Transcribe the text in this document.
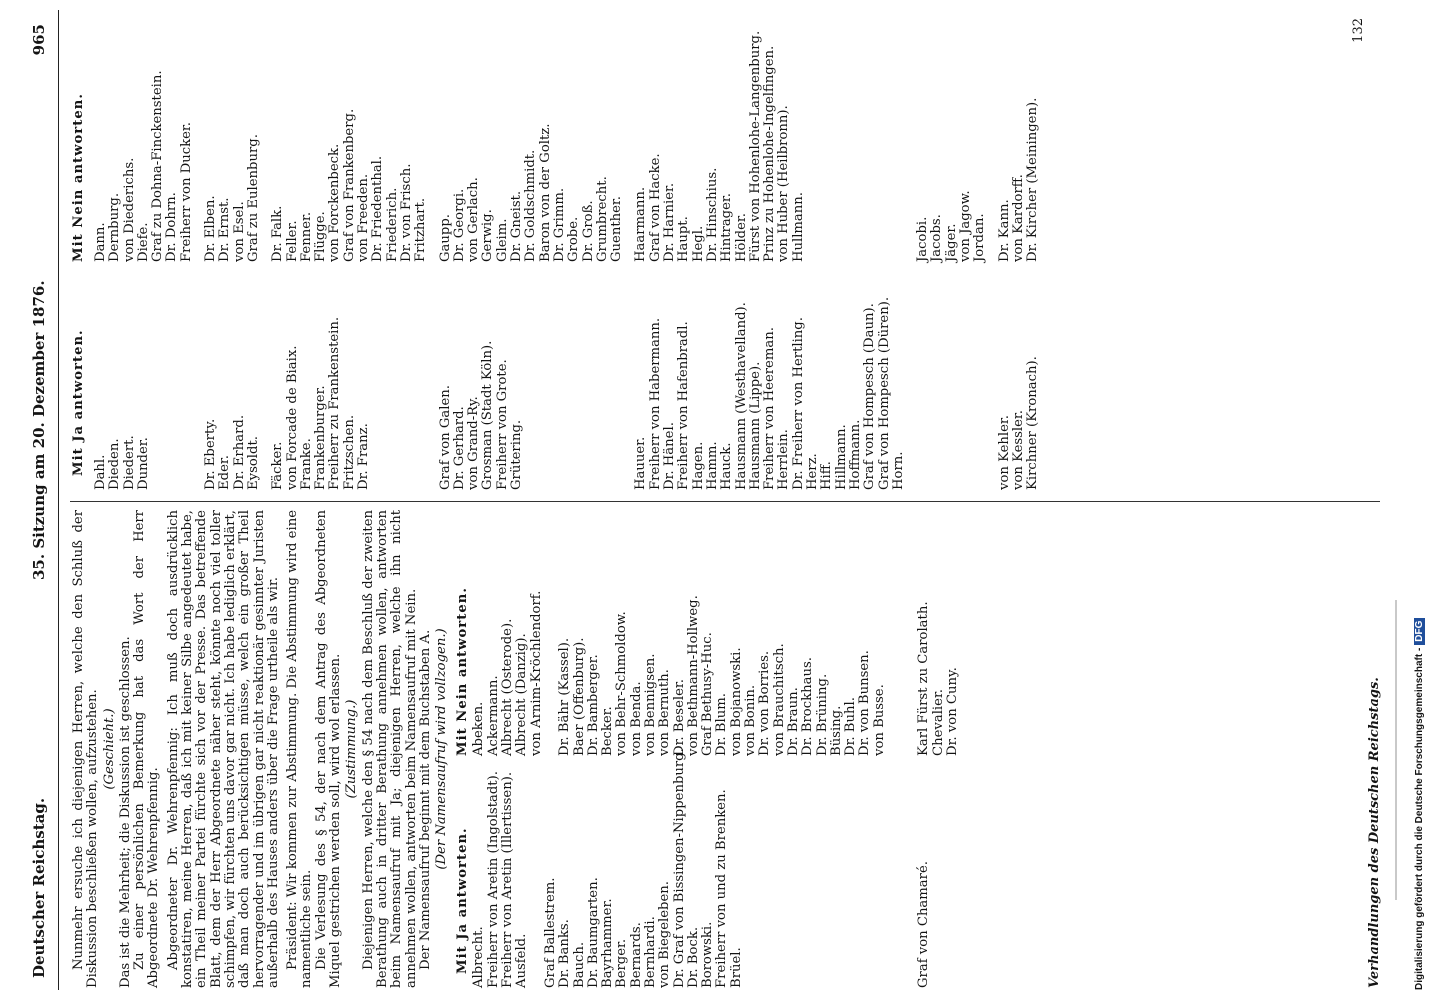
Deutscher Reichstag.
35. Sitzung am 20. Dezember 1876.
965

Nunmehr ersuche ich diejenigen Herren, welche den Schluß der Diskussion beschließen wollen, aufzustehen. (Geschieht.) Das ist die Mehrheit; die Diskussion ist geschlossen. Zu einer persönlichen Bemerkung hat das Wort der Herr Abgeordnete Dr. Wehrenpfennig. Abgeordneter Dr. Wehrenpfennig: Ich muß doch ausdrücklich konstatiren, meine Herren, daß ich mit keiner Silbe angedeutet habe, ein Theil meiner Partei fürchte sich vor der Presse. Das betreffende Blatt, dem der Herr Abgeordnete näher steht, könnte noch viel toller schimpfen, wir fürchten uns davor gar nicht. Ich habe lediglich erklärt, daß man doch auch berücksichtigen müsse, welch ein großer Theil hervorragender und im übrigen gar nicht reaktionär gesinnter Juristen außerhalb des Hauses anders über die Frage urtheile als wir. Präsident: Wir kommen zur Abstimmung. Die Abstimmung wird eine namentliche sein. Die Verlesung des § 54, der nach dem Antrag des Abgeordneten Miquel gestrichen werden soll, wird wol erlassen. (Zustimmung.) Diejenigen Herren, welche den § 54 nach dem Beschluß der zweiten Berathung auch in dritter Berathung annehmen wollen, antworten beim Namensaufruf mit Ja; diejenigen Herren, welche ihn nicht annehmen wollen, antworten beim Namensaufruf mit Nein. Der Namensaufruf beginnt mit dem Buchstaben A. (Der Namensaufruf wird vollzogen.)

Mit Ja antworten.
Mit Nein antworten.
Albrecht. Freiherr von Aretin (Ingolstadt). Freiherr von Aretin (Illertissen). Ausfeld. Graf Ballestrem. Dr. Banks. Bauch. Dr. Baumgarten. Bayrhammer. Berger. Bernards. Bernhardi. von Biegeleben. Dr. Graf von Bissingen-Nippenburg. Dr. Bock. Borowski. Freiherr von und zu Brenken. Brüel.
Abeken. Ackermann. Albrecht (Osterode). Albrecht (Danzig). von Arnim-Kröchlendorf. Dr. Bähr (Kassel). Baer (Offenburg). Dr. Bamberger. Becker. von Behr-Schmoldow. von Benda. von Bennigsen. von Bernuth. Dr. Beseler. von Bethmann-Hollweg. Graf Bethusy-Huc. Dr. Blum. von Bojanowski. von Bonin. Dr. von Borries. von Brauchitsch. Dr. Braun. Dr. Brockhaus. Dr. Brüning. Büsing. Dr. Buhl. Dr. von Bunsen. von Busse.
Graf von Chamaré.
Karl Fürst zu Carolath. Chevalier. Dr. von Cuny.
Mit Ja antworten.
Mit Nein antworten.
Dahl. Dieden. Diedert. Dunder.
Dann. Dernburg. von Diederichs. Diefe. Graf zu Dohna-Finckenstein. Dr. Dohrn. Freiherr von Ducker.
Dr. Eberty. Eder. Dr. Erhard. Eysoldt.
Dr. Elben. Dr. Ernst. von Esel. Graf zu Eulenburg.
Fäcker. von Forcade de Biaix. Franke. Frankenburger. Freiherr zu Frankenstein. Fritzschen. Dr. Franz.
Dr. Falk. Feller. Fenner. Flügge. von Forckenbeck. Graf von Frankenberg. von Freeden. Dr. Friedenthal. Friederich. Dr. von Frisch. Fritzhart.
Graf von Galen. Dr. Gerhard. von Grand-Ry. Grosman (Stadt Köln). Freiherr von Grote. Grütering.
Gaupp. Dr. Georgi. von Gerlach. Gerwig. Gleim. Dr. Gneist. Dr. Goldschmidt. Baron von der Goltz. Dr. Grimm. Grobe. Dr. Groß. Grumbrecht. Guenther.
Hauuer. Freiherr von Habermann. Dr. Hänel. Freiherr von Hafenbradl. Hagen. Hamm. Hauck. Hausmann (Westhavelland). Hausmann (Lippe). Freiherr von Heereman. Herrlein. Dr. Freiherr von Hertling. Herz. Hiff. Hillmann. Hoffmann. Graf von Hompesch (Daun). Graf von Hompesch (Düren). Horn.
Haarmann. Graf von Hacke. Dr. Harnier. Haupt. Hegl. Dr. Hinschius. Hintrager. Hölder. Fürst von Hohenlohe-Langenburg. Prinz zu Hohenlohe-Ingelfingen. von Huber (Heilbronn). Hullmann.	Jacobi. Jacobs. Jäger. von Jagow. Jordan.
von Kehler. von Kessler. Kirchner (Kronach).
Dr. Kann. von Kardorff. Dr. Kircher (Meiningen).
Verhandlungen des Deutschen Reichstags.
132
Digitalisierung gefördert durch die Deutsche Forschungsgemeinschaft -DFG
